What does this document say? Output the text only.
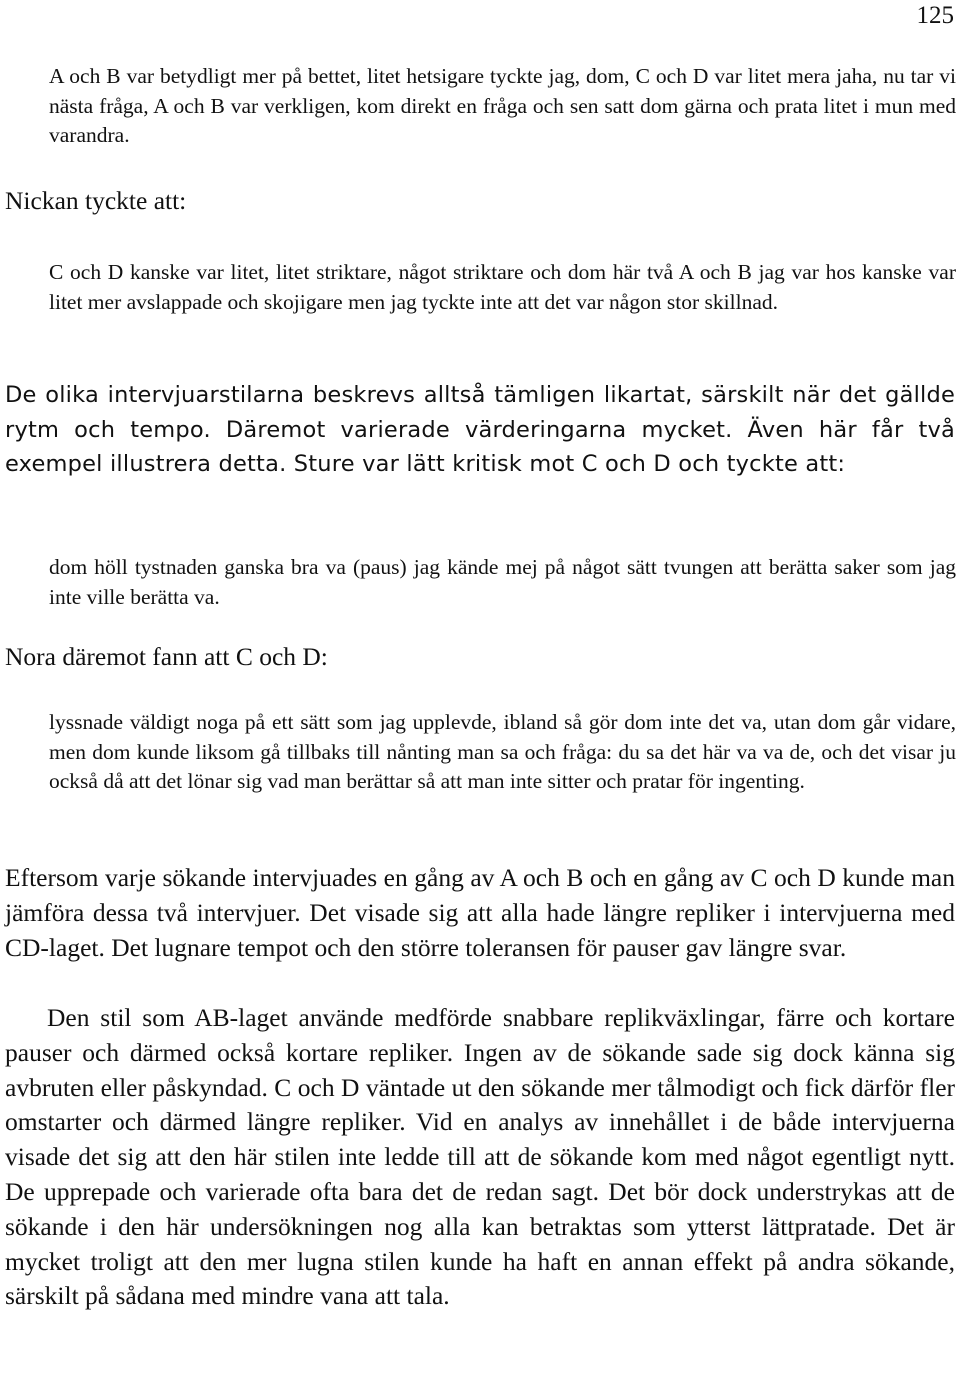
125

A och B var betydligt mer på bettet, litet hetsigare tyckte jag, dom, C och D var litet mera jaha, nu tar vi nästa fråga, A och B var verkligen, kom direkt en fråga och sen satt dom gärna och prata litet i mun med varandra.

Nickan tyckte att:

C och D kanske var litet, litet striktare, något striktare och dom här två A och B jag var hos kanske var litet mer avslappade och skojigare men jag tyckte inte att det var någon stor skillnad.

De olika intervjuarstilarna beskrevs alltså tämligen likartat, särskilt när det gällde rytm och tempo. Däremot varierade värderingarna mycket. Även här får två exempel illustrera detta. Sture var lätt kritisk mot C och D och tyckte att:

dom höll tystnaden ganska bra va (paus) jag kände mej på något sätt tvungen att berätta saker som jag inte ville berätta va.

Nora däremot fann att C och D:

lyssnade väldigt noga på ett sätt som jag upplevde, ibland så gör dom inte det va, utan dom går vidare, men dom kunde liksom gå tillbaks till nånting man sa och fråga: du sa det här va va de, och det visar ju också då att det lönar sig vad man berättar så att man inte sitter och pratar för ingenting.

Eftersom varje sökande intervjuades en gång av A och B och en gång av C och D kunde man jämföra dessa två intervjuer. Det visade sig att alla hade längre repliker i intervjuerna med CD-laget. Det lugnare tempot och den större toleransen för pauser gav längre svar.

Den stil som AB-laget använde medförde snabbare replikväxlingar, färre och kortare pauser och därmed också kortare repliker. Ingen av de sökande sade sig dock känna sig avbruten eller påskyndad. C och D väntade ut den sökande mer tålmodigt och fick därför fler omstarter och därmed längre repliker. Vid en analys av innehållet i de både intervjuerna visade det sig att den här stilen inte ledde till att de sökande kom med något egentligt nytt. De upprepade och varierade ofta bara det de redan sagt. Det bör dock understrykas att de sökande i den här undersökningen nog alla kan betraktas som ytterst lättpratade. Det är mycket troligt att den mer lugna stilen kunde ha haft en annan effekt på andra sökande, särskilt på sådana med mindre vana att tala.
